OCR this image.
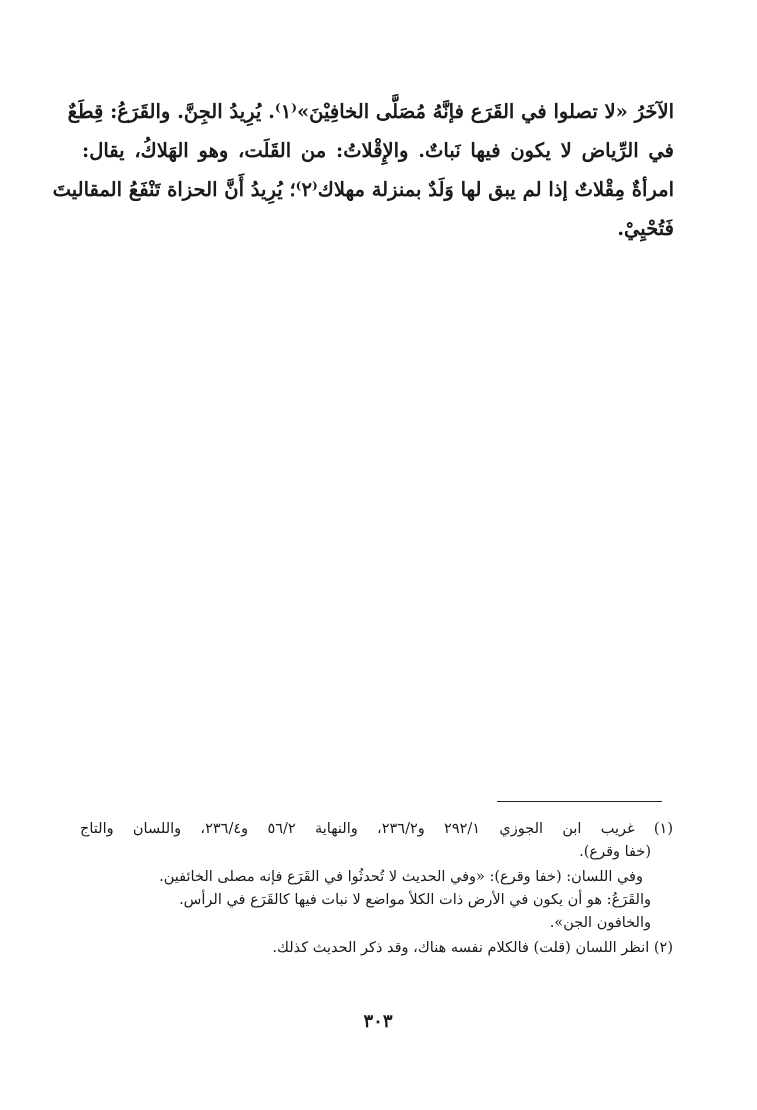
الآخَرُ «لا تصلوا في القَرَع فإنَّهُ مُصَلَّى الخافِيْنَ»⁽١⁾. يُرِيدُ الجِنَّ. والقَرَعُ: قِطَعٌ
في الرِّياض لا يكون فيها نَباتٌ. والإِقْلاتُ: من القَلَت، وهو الهَلاكُ، يقال:
امرأةٌ مِقْلاتٌ إذا لم يبق لها وَلَدٌ بمنزلة مهلاك⁽٢⁾؛ يُرِيدُ أَنَّ الحزاة تَنْفَعُ المقاليتَ
فَتُحْيِيْ.
(١) غريب ابن الجوزي ٢٩٢/١ و٢٣٦/٢، والنهاية ٥٦/٢ و٢٣٦/٤، واللسان والتاج
(خفا وقرع).
وفي اللسان: (خفا وقرع): «وفي الحديث لا تُحدثُوا في القَرَع فإنه مصلى الخائفين.
والقَرَعُ: هو أن يكون في الأرض ذات الكلأ مواضع لا نبات فيها كالقَرَع في الرأس.
والخافون الجن».
(٢) انظر اللسان (قلت) فالكلام نفسه هناك، وقد ذكر الحديث كذلك.
٣٠٣
